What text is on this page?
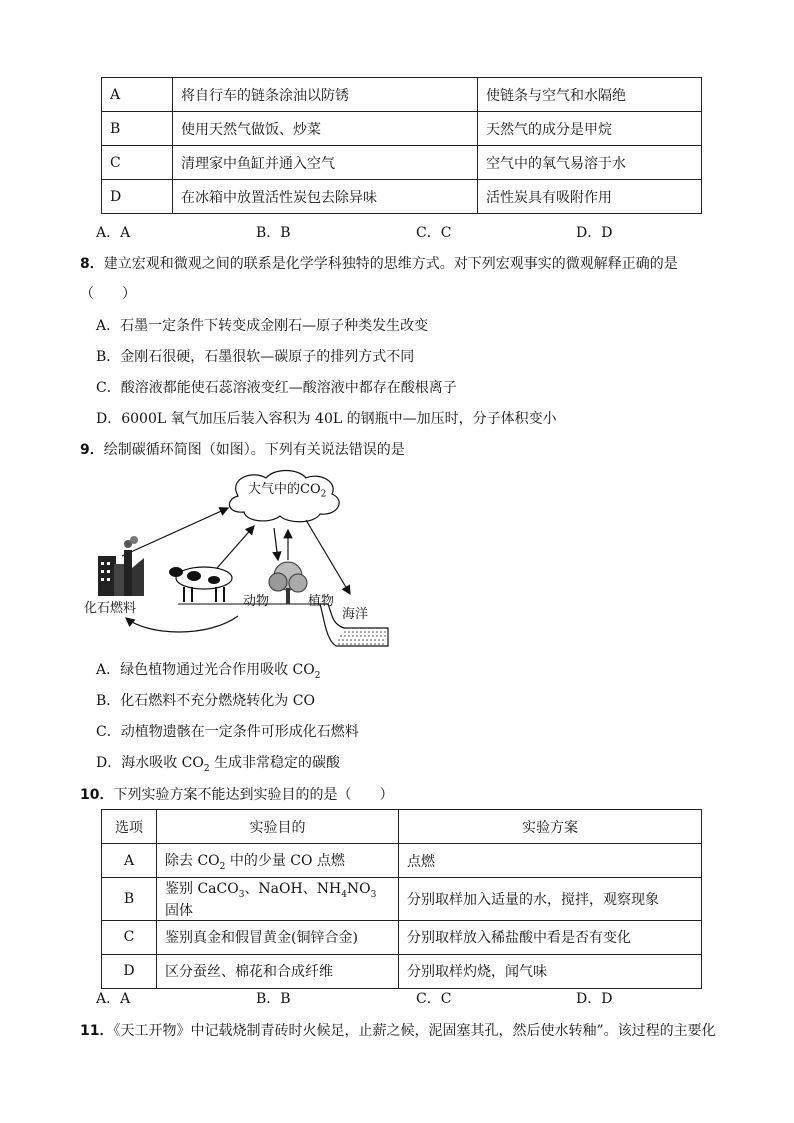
A	将自行车的链条涂油以防锈	使链条与空气和水隔绝
B	使用天然气做饭、炒菜	天然气的成分是甲烷
C	清理家中鱼缸并通入空气	空气中的氧气易溶于水
D	在冰箱中放置活性炭包去除异味	活性炭具有吸附作用
A．A	B．B	C．C	D．D
8．建立宏观和微观之间的联系是化学学科独特的思维方式。对下列宏观事实的微观解释正确的是
（　　）
A．石墨一定条件下转变成金刚石—原子种类发生改变
B．金刚石很硬，石墨很软—碳原子的排列方式不同
C．酸溶液都能使石蕊溶液变红—酸溶液中都存在酸根离子
D．6000L 氧气加压后装入容积为 40L 的钢瓶中—加压时，分子体积变小
9．绘制碳循环简图（如图）。下列有关说法错误的是
大气中的$CO_2$
化石燃料	动物	植物
海洋
A．绿色植物通过光合作用吸收 $CO_2$
B．化石燃料不充分燃烧转化为 CO
C．动植物遗骸在一定条件可形成化石燃料
D．海水吸收 $CO_2$ 生成非常稳定的碳酸
10．下列实验方案不能达到实验目的的是（　　）
选项	实验目的	实验方案
A	除去 $CO_2$ 中的少量 CO 点燃	点燃
B	鉴别 CaCO$_3$、NaOH、$NH_4NO_3$ 固体	分别取样加入适量的水，搅拌，观察现象
C	鉴别真金和假冒黄金(铜锌合金)	分别取样放入稀盐酸中看是否有变化
D	区分蚕丝、棉花和合成纤维	分别取样灼烧，闻气味
A．A	B．B	C．C	D．D
11．《天工开物》中记载烧制青砖时火候足，止薪之候，泥固塞其孔，然后使水转釉”。该过程的主要化
